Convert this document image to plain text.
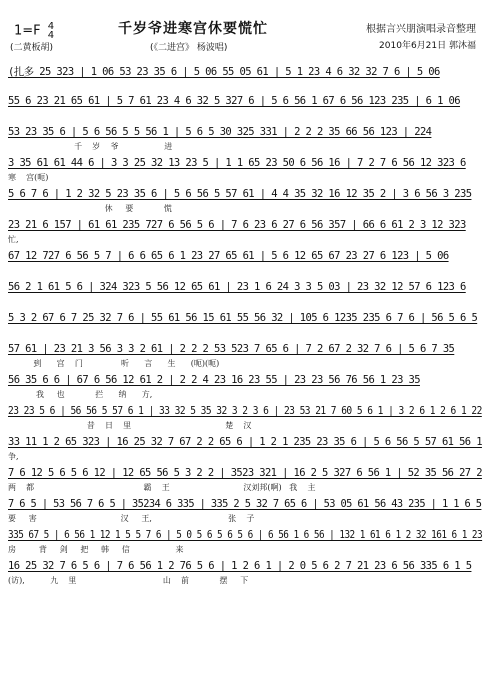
1=F 4
4
(二黄板胡)
千岁爷进寒宫休要慌忙
(《二进宫》 杨波唱)
根据言兴朋演唱录音整理
2010年6月21日 郭沐福
(扎多 25 323 | 1 06 53 23 35 6 | 5 06 55 05 61 | 5 1 23 4 6 32 32 7 6 | 5 06
55 6 23 21 65 61 | 5 7 61 23 4 6 32 5 327 6 | 5 6 56 1 67 6 56 123 235 | 6 1 06
53 23 35 6 | 5 6 56 5 5 56 1 | 5 6 5 30 325 331 | 2 2 2 35 66 56 123 | 224
千    岁    爷                  进
3 35 61 61 44 6 | 3 3 25 32 13 23 5 | 1 1 65 23 50 6 56 16 | 7 2 7 6 56 12 323 6
寒    宫(呃)
5 6 7 6 | 1 2 32 5 23 35 6 | 5 6 56 5 57 61 | 4 4 35 32 16 12 35 2 | 3 6 56 3 235
休     要            慌
23 21 6 157 | 61 61 235 727 6 56 5 6 | 7 6 23 6 27 6 56 357 | 66 6 61 2 3 12 323
忙,
67 12 727 6 56 5 7 | 6 6 65 6 1 23 27 65 61 | 5 6 12 65 67 23 27 6 123 | 5 06
56 2 1 61 5 6 | 324 323 5 56 12 65 61 | 23 1 6 24 3 3 5 03 | 23 32 12 57 6 123 6
5 3 2 67 6 7 25 32 7 6 | 55 61 56 15 61 55 56 32 | 105 6 1235 235 6 7 6 | 56 5 6 5
57 61 | 23 21 3 56 3 3 2 61 | 2 2 2 53 523 7 65 6 | 7 2 67 2 32 7 6 | 5 6 7 35
到      宫    门               听      言      生      (呃)(呃)
56 35 6 6 | 67 6 56 12 61 2 | 2 2 4 23 16 23 55 | 23 23 56 76 56 1 23 35
我     也            拦      纳      方,
23 23 5 6 | 56 56 5 57 6 1 | 33 32 5 35 32 3 2 3 6 | 23 53 21 7 60 5 6 1 | 3 2 6 1 2 6 1 22
昔    日    里                                     楚    汉
33 11 1 2 65 323 | 16 25 32 7 67 2 2 65 6 | 1 2 1 235 23 35 6 | 5 6 56 5 57 61 56 1
争,
7 6 12 5 6 5 6 12 | 12 65 56 5 3 2 2 | 3523 321 | 16 2 5 327 6 56 1 | 52 35 56 27 2
两    都                                           霸    王                             汉刘邦(啊)   我    主
7 6 5 | 53 56 7 6 5 | 35234 6 335 | 335 2 5 32 7 65 6 | 53 05 61 56 43 235 | 1 1 6 5
要     害                                 汉     王,                              张    子
335 67 5 | 6 56 1 12 1 5 5 7 6 | 5 0 5 6 5 6 5 6 | 6 56 1 6 56 | 132 1 61 6 1 2 32 161 6 1 23
房         背     剑     把     韩     信                  来
16 25 32 7 6 5 6 | 7 6 56 1 2 76 5 6 | 1 2 6 1 | 2 0 5 6 2 7 21 23 6 56 335 6 1 5
(访),          九    里                                  山    前            摆     下
